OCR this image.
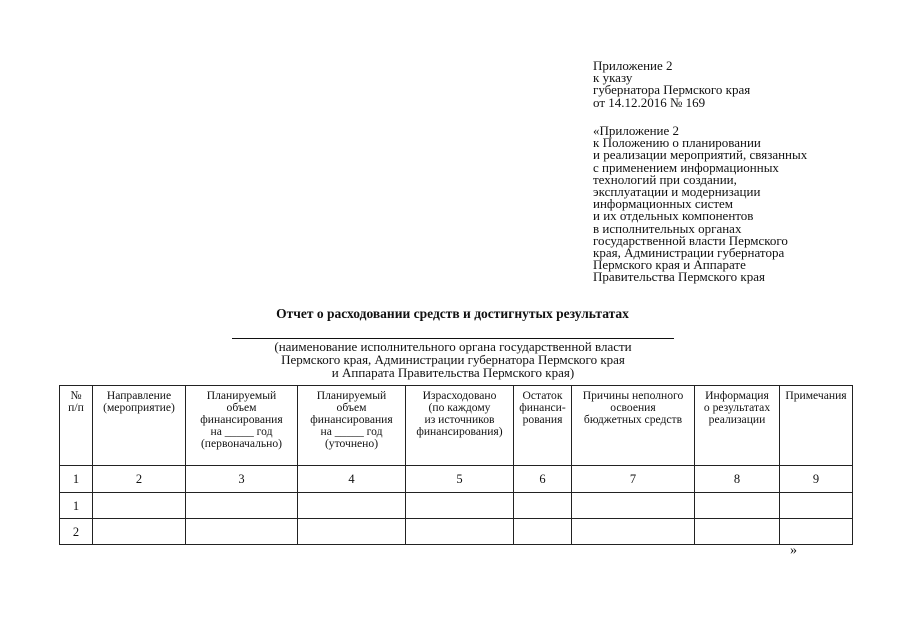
Приложение 2
к указу
губернатора Пермского края
от 14.12.2016 № 169
«Приложение 2
к Положению о планировании
и реализации мероприятий, связанных
с применением информационных
технологий при создании,
эксплуатации и модернизации
информационных систем
и их отдельных компонентов
в исполнительных органах
государственной власти Пермского
края, Администрации губернатора
Пермского края и Аппарате
Правительства Пермского края
Отчет о расходовании средств и достигнутых результатах
(наименование исполнительного органа государственной власти
Пермского края, Администрации губернатора Пермского края
и Аппарата Правительства Пермского края)
№
п/п	Направление
(мероприятие)	Планируемый
объем
финансирования
на _____ год
(первоначально)	Планируемый
объем
финансирования
на _____ год
(уточнено)	Израсходовано
(по каждому
из источников
финансирования)	Остаток
финанси-
рования	Причины неполного
освоения
бюджетных средств	Информация
о результатах
реализации	Примечания
1	2	3	4	5	6	7	8	9
1								
2								
»
